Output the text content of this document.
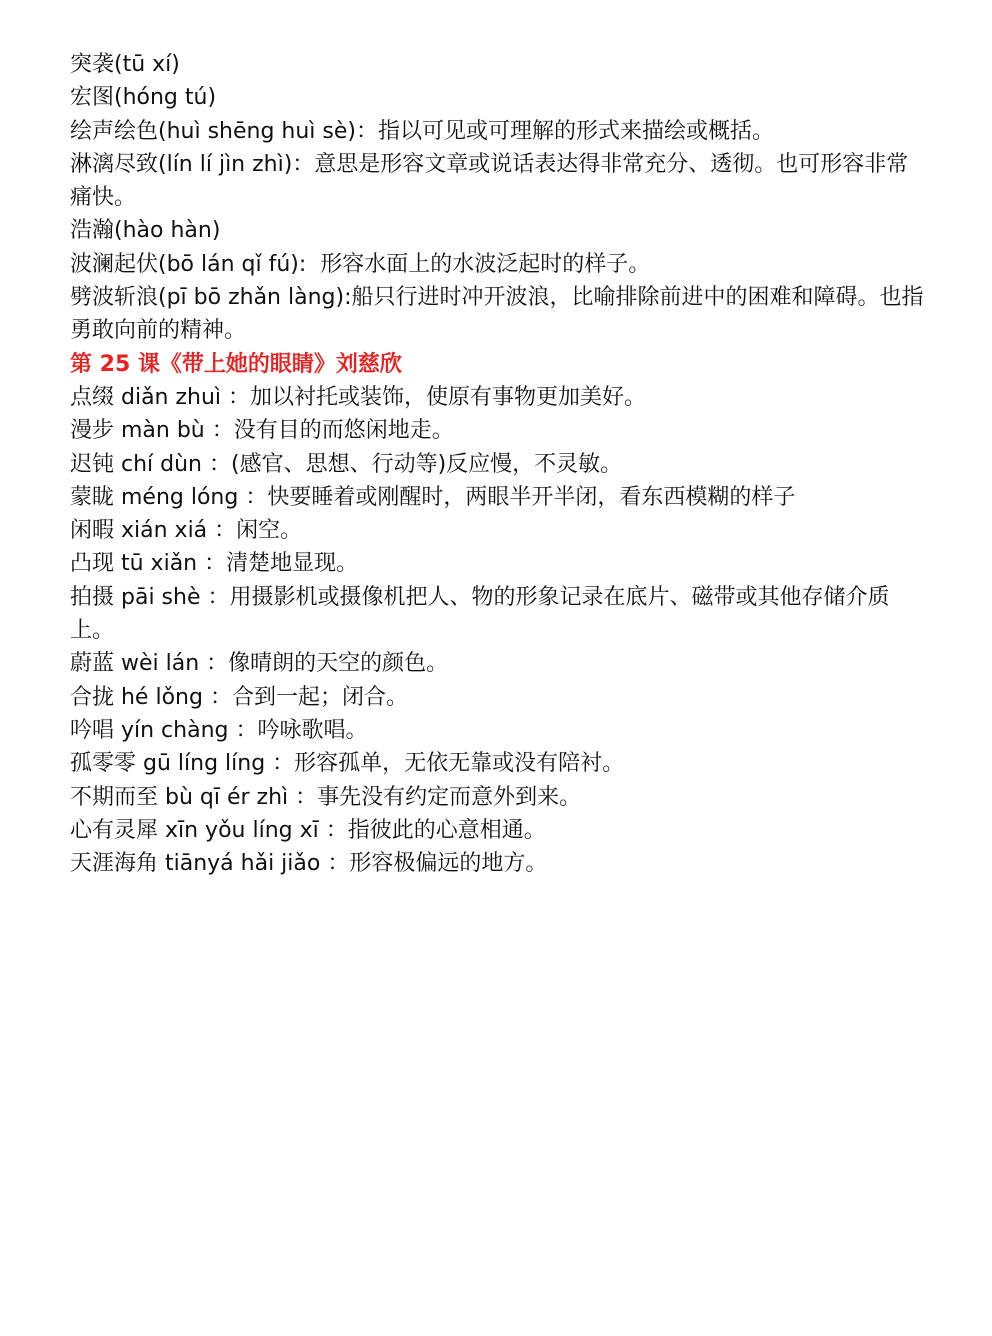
突袭(tū xí)

宏图(hóng tú)

绘声绘色(huì shēng huì sè)：指以可见或可理解的形式来描绘或概括。

淋漓尽致(lín lí jìn zhì)：意思是形容文章或说话表达得非常充分、透彻。也可形容非常痛快。

浩瀚(hào hàn)

波澜起伏(bō lán qǐ fú):  形容水面上的水波泛起时的样子。

劈波斩浪(pī bō zhǎn làng):船只行进时冲开波浪，比喻排除前进中的困难和障碍。也指勇敢向前的精神。

第 25 课《带上她的眼睛》刘慈欣

点缀 diǎn zhuì ：加以衬托或装饰，使原有事物更加美好。

漫步 màn bù ：没有目的而悠闲地走。

迟钝 chí dùn ：(感官、思想、行动等)反应慢，不灵敏。

蒙眬 méng lóng ：快要睡着或刚醒时，两眼半开半闭，看东西模糊的样子

闲暇 xián xiá ：闲空。

凸现 tū xiǎn ：清楚地显现。

拍摄 pāi shè ：用摄影机或摄像机把人、物的形象记录在底片、磁带或其他存储介质上。

蔚蓝 wèi lán ：像晴朗的天空的颜色。

合拢 hé lǒng ：合到一起；闭合。

吟唱 yín chàng ：吟咏歌唱。

孤零零 gū líng líng ：形容孤单，无依无靠或没有陪衬。

不期而至 bù qī ér zhì ：事先没有约定而意外到来。

心有灵犀 xīn yǒu líng xī ：指彼此的心意相通。

天涯海角 tiānyá hǎi jiǎo ：形容极偏远的地方。
